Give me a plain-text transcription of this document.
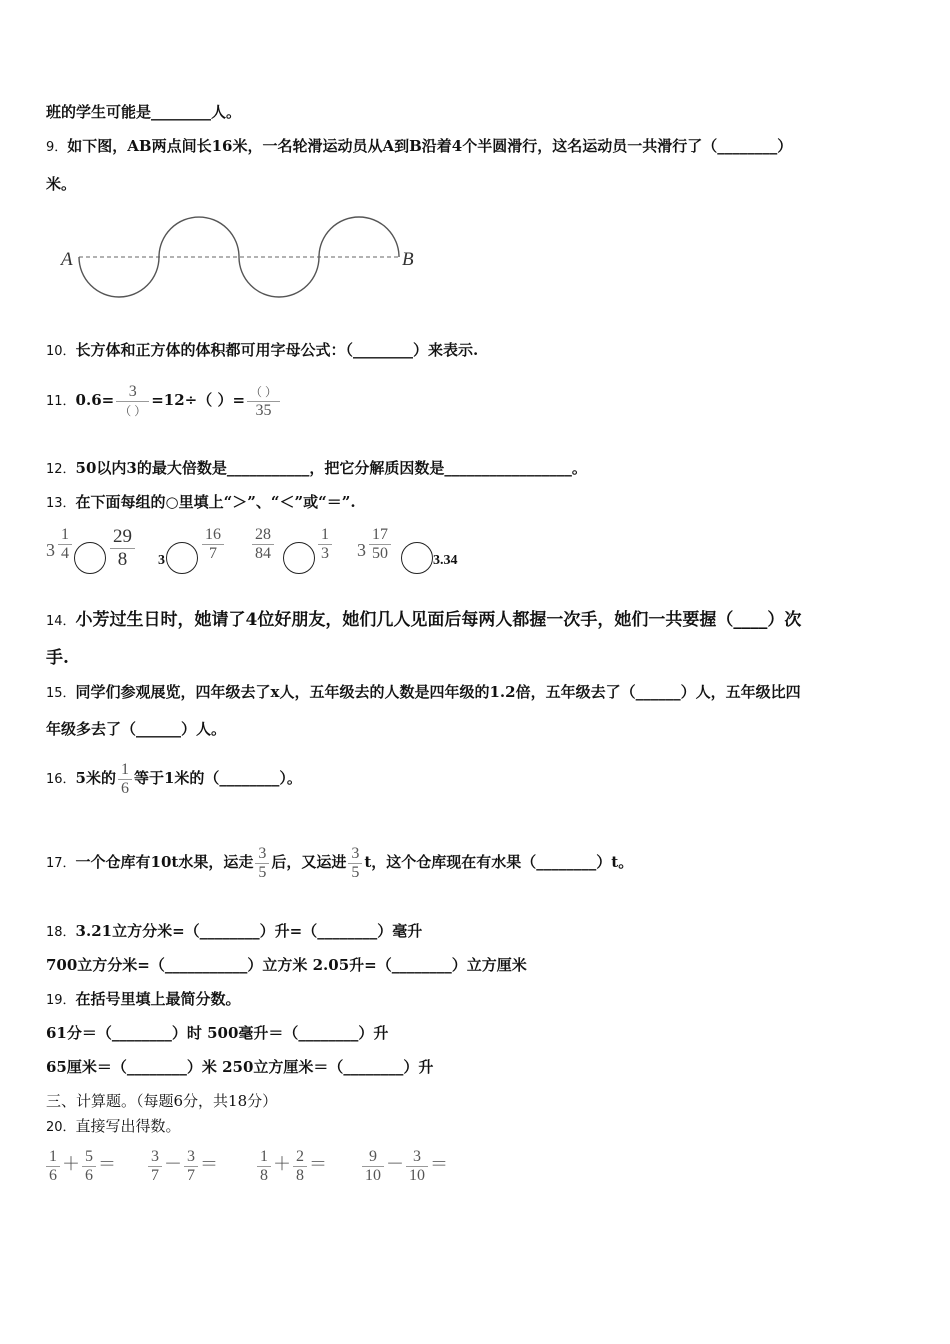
班的学生可能是________人。
9．如下图，AB两点间长16米，一名轮滑运动员从A到B沿着4个半圆滑行，这名运动员一共滑行了（________）
米。
A	B
10．长方体和正方体的体积都可用字母公式：（________）来表示.
11．$0.6= \frac{3}{( )} =12\div$（ ）= $\frac{( )}{35}$
12．50以内3的最大倍数是___________，把它分解质因数是_________________。
13．在下面每组的○里填上“＞”、“＜”或“＝”.
$3 \frac{1}{4} \frac{29}{8} 3 \frac{16}{7} \frac{28}{84}$	$\frac{1}{3} 3 \frac{17}{50}$	3.34
14．小芳过生日时，她请了4位好朋友，她们几人见面后每两人都握一次手，她们一共要握（____）次
手.
15．同学们参观展览，四年级去了x人，五年级去的人数是四年级的1.2倍，五年级去了（______）人，五年级比四
年级多去了（______）人。
16．5米的 $\frac{1}{6}$ 等于1米的（________）。
17．一个仓库有10t水果，运走 $\frac{3}{5}$ 后，又运进 $\frac{3}{5}$ t，这个仓库现在有水果（________）t。
18．3.21立方分米=（________）升=（________）毫升
700立方分米=（___________）立方米 2.05升=（________）立方厘米
19．在括号里填上最简分数。
61分＝（________）时 500毫升＝（________）升
65厘米＝（________）米 250立方厘米＝（________）升
三、计算题。（每题6分，共18分）
20．直接写出得数。
$\frac{1}{6} + \frac{5}{6} = \frac{3}{7} - \frac{3}{7} = \frac{1}{8} + \frac{2}{8} = \frac{9}{10} - \frac{3}{10}$ ＝
